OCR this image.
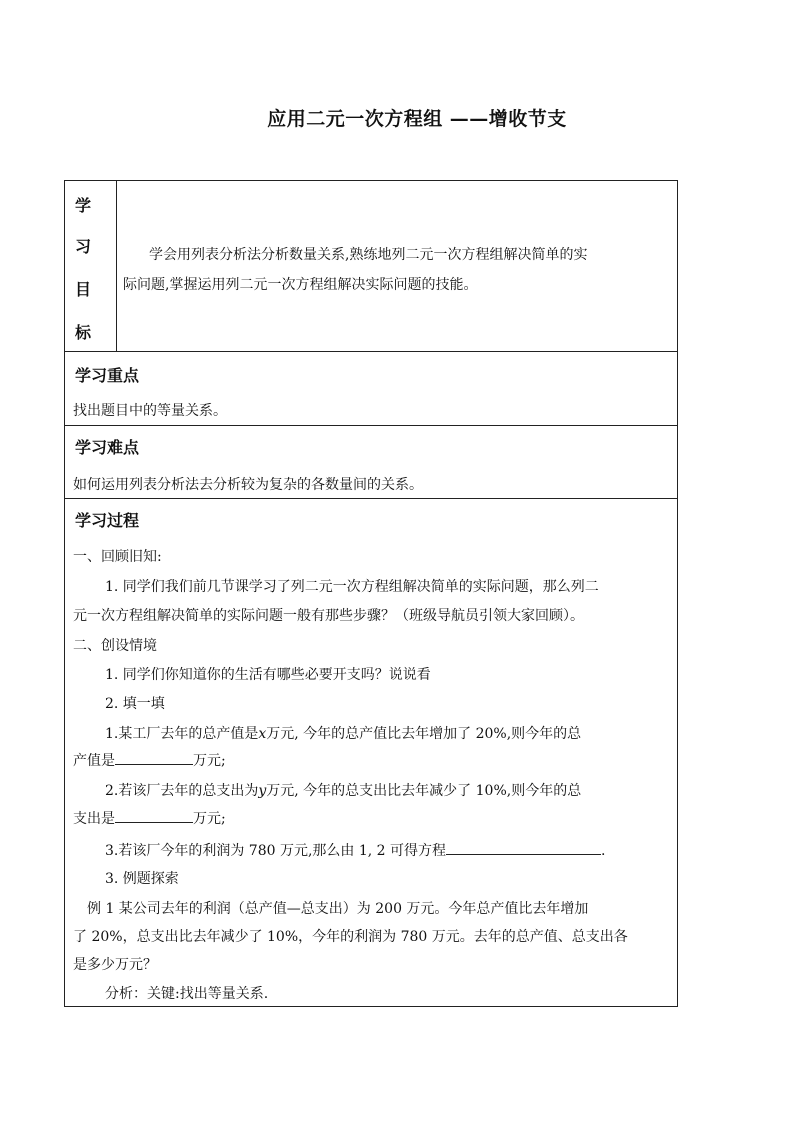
应用二元一次方程组 ——增收节支
学
习
目
标
学会用列表分析法分析数量关系,熟练地列二元一次方程组解决简单的实
际问题,掌握运用列二元一次方程组解决实际问题的技能。
学习重点
找出题目中的等量关系。
学习难点
如何运用列表分析法去分析较为复杂的各数量间的关系。
学习过程
一、回顾旧知:
1. 同学们我们前几节课学习了列二元一次方程组解决简单的实际问题，那么列二
元一次方程组解决简单的实际问题一般有那些步骤？（班级导航员引领大家回顾）。
二、创设情境
1. 同学们你知道你的生活有哪些必要开支吗？说说看
2. 填一填
1.某工厂去年的总产值是x万元, 今年的总产值比去年增加了 20%,则今年的总
产值是	万元;
2.若该厂去年的总支出为y万元, 今年的总支出比去年减少了 10%,则今年的总
支出是	万元;
3.若该厂今年的利润为 780 万元,那么由 1, 2 可得方程	.
3. 例题探索
例 1 某公司去年的利润（总产值—总支出）为 200 万元。今年总产值比去年增加
了 20%，总支出比去年减少了 10%，今年的利润为 780 万元。去年的总产值、总支出各
是多少万元？
分析：关键:找出等量关系.
